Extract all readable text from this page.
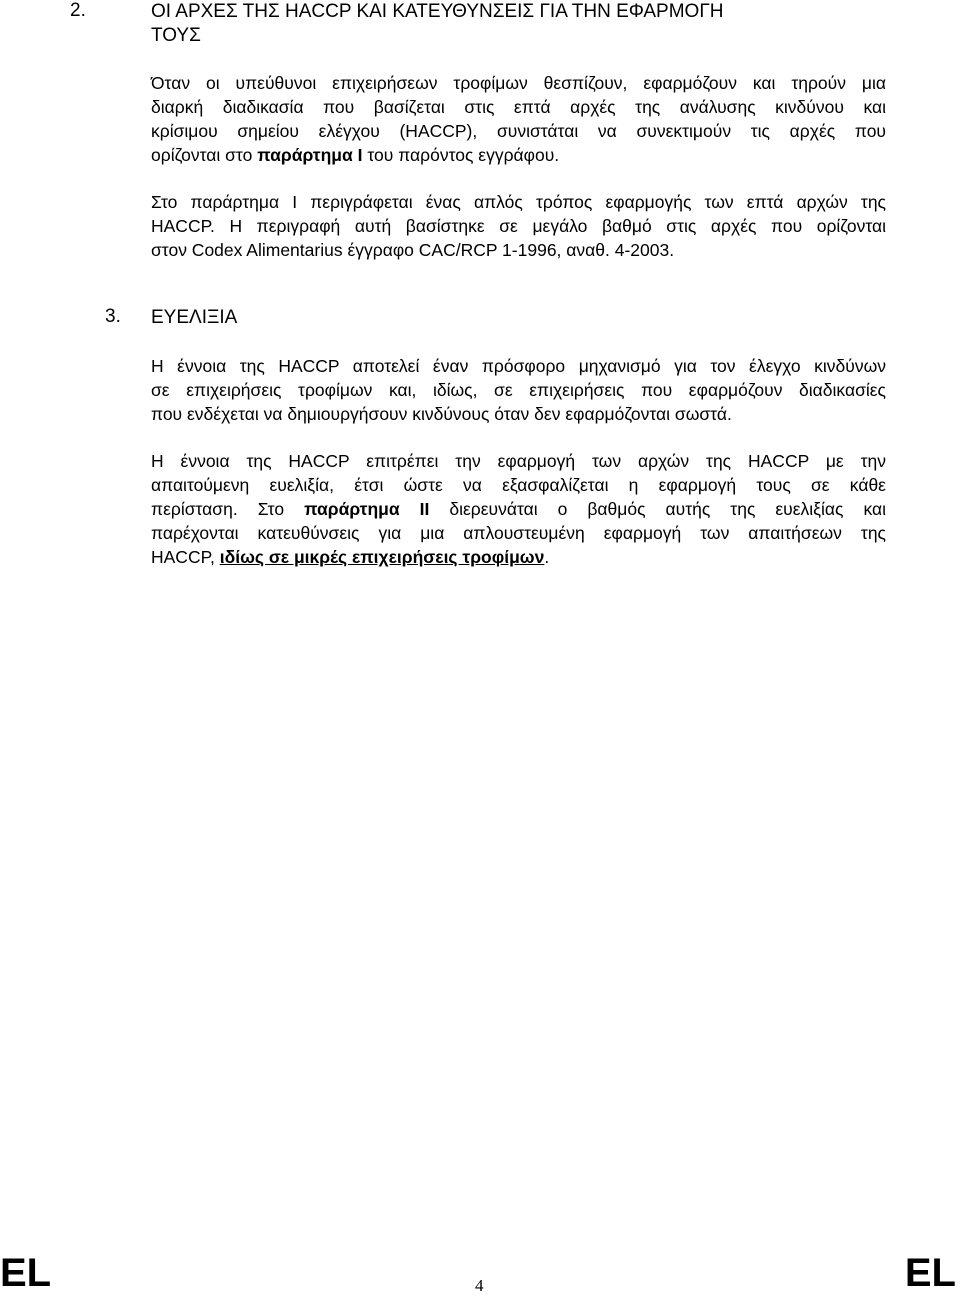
2.	ΟΙ ΑΡΧΕΣ ΤΗΣ HACCP ΚΑΙ ΚΑΤΕΥΘΥΝΣΕΙΣ ΓΙΑ ΤΗΝ ΕΦΑΡΜΟΓΗ
ΤΟΥΣ
Όταν οι υπεύθυνοι επιχειρήσεων τροφίμων θεσπίζουν, εφαρμόζουν και τηρούν μια
διαρκή διαδικασία που βασίζεται στις επτά αρχές της ανάλυσης κινδύνου και
κρίσιμου σημείου ελέγχου (HACCP), συνιστάται να συνεκτιμούν τις αρχές που
ορίζονται στο παράρτημα Ι του παρόντος εγγράφου.
Στο παράρτημα Ι περιγράφεται ένας απλός τρόπος εφαρμογής των επτά αρχών της
HACCP. Η περιγραφή αυτή βασίστηκε σε μεγάλο βαθμό στις αρχές που ορίζονται
στον Codex Alimentarius έγγραφο CAC/RCP 1-1996, αναθ. 4-2003.
3. ΕΥΕΛΙΞΙΑ
Η έννοια της HACCP αποτελεί έναν πρόσφορο μηχανισμό για τον έλεγχο κινδύνων
σε επιχειρήσεις τροφίμων και, ιδίως, σε επιχειρήσεις που εφαρμόζουν διαδικασίες
που ενδέχεται να δημιουργήσουν κινδύνους όταν δεν εφαρμόζονται σωστά.
Η έννοια της HACCP επιτρέπει την εφαρμογή των αρχών της HACCP με την
απαιτούμενη ευελιξία, έτσι ώστε να εξασφαλίζεται η εφαρμογή τους σε κάθε
περίσταση. Στο παράρτημα ΙΙ διερευνάται ο βαθμός αυτής της ευελιξίας και
παρέχονται κατευθύνσεις για μια απλουστευμένη εφαρμογή των απαιτήσεων της
HACCP, ιδίως σε μικρές επιχειρήσεις τροφίμων.
EL	4	EL
